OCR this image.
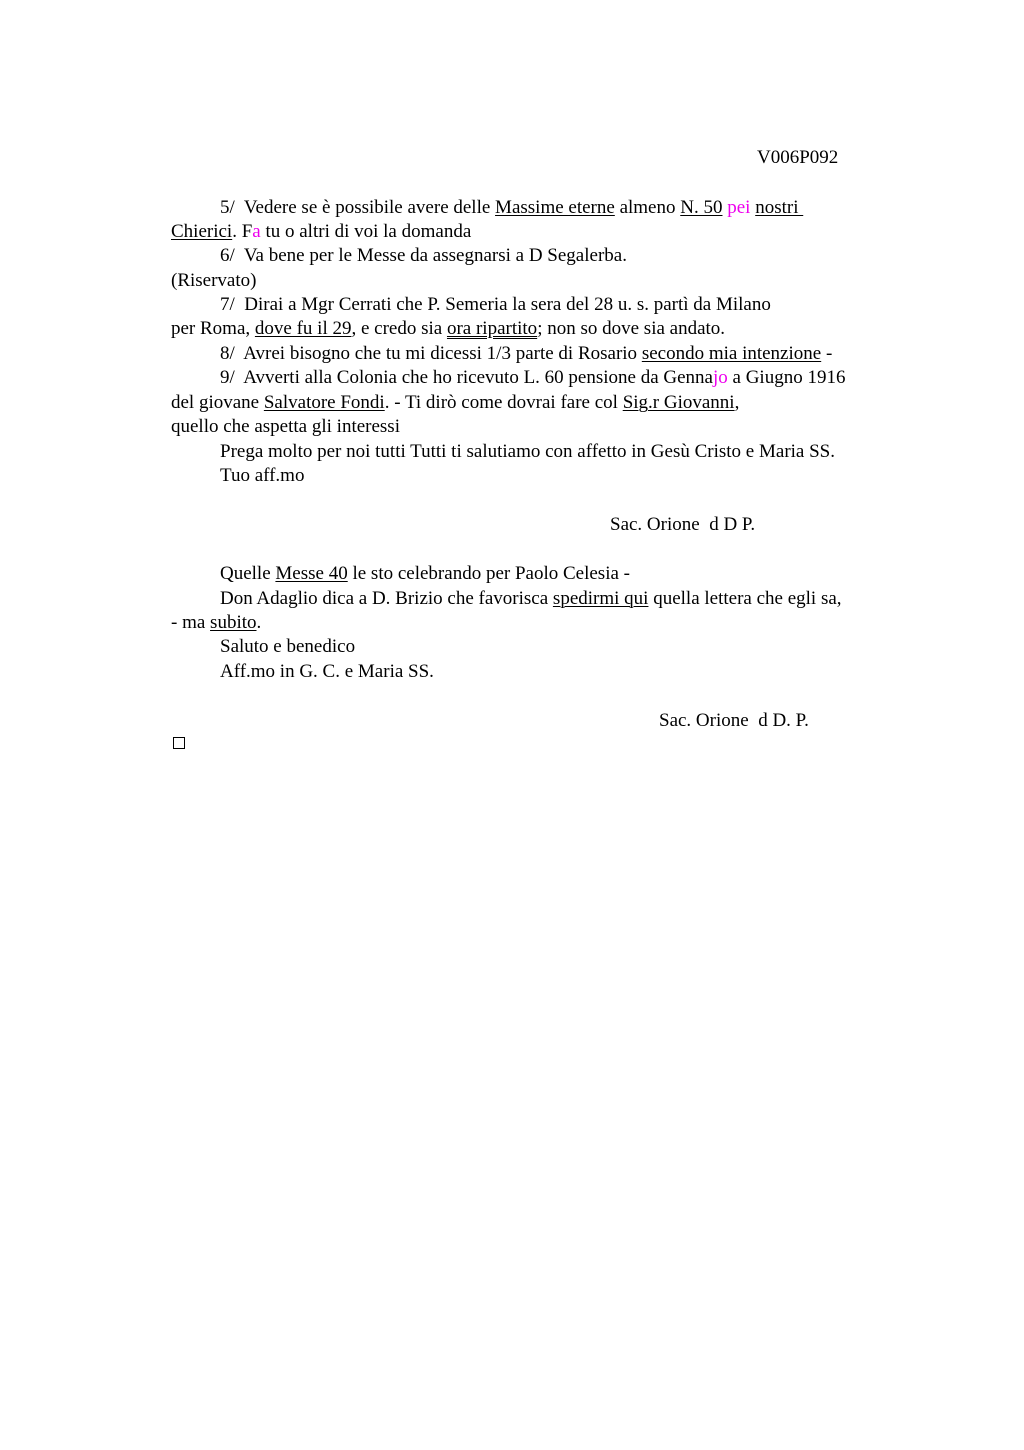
V006P092
5/  Vedere se è possibile avere delle Massime eterne almeno N. 50 pei nostri
Chierici. Fa tu o altri di voi la domanda
6/  Va bene per le Messe da assegnarsi a D Segalerba.
(Riservato)
7/  Dirai a Mgr Cerrati che P. Semeria la sera del 28 u. s. partì da Milano
per Roma, dove fu il 29, e credo sia ora ripartito; non so dove sia andato.
8/  Avrei bisogno che tu mi dicessi 1/3 parte di Rosario secondo mia intenzione -
9/  Avverti alla Colonia che ho ricevuto L. 60 pensione da Gennajo a Giugno 1916
del giovane Salvatore Fondi. - Ti dirò come dovrai fare col Sig.r Giovanni,
quello che aspetta gli interessi
Prega molto per noi tutti Tutti ti salutiamo con affetto in Gesù Cristo e Maria SS.
Tuo aff.mo
Sac. Orione  d D P.
Quelle Messe 40 le sto celebrando per Paolo Celesia -
Don Adaglio dica a D. Brizio che favorisca spedirmi qui quella lettera che egli sa,
- ma subito.
Saluto e benedico
Aff.mo in G. C. e Maria SS.
Sac. Orione  d D. P.
